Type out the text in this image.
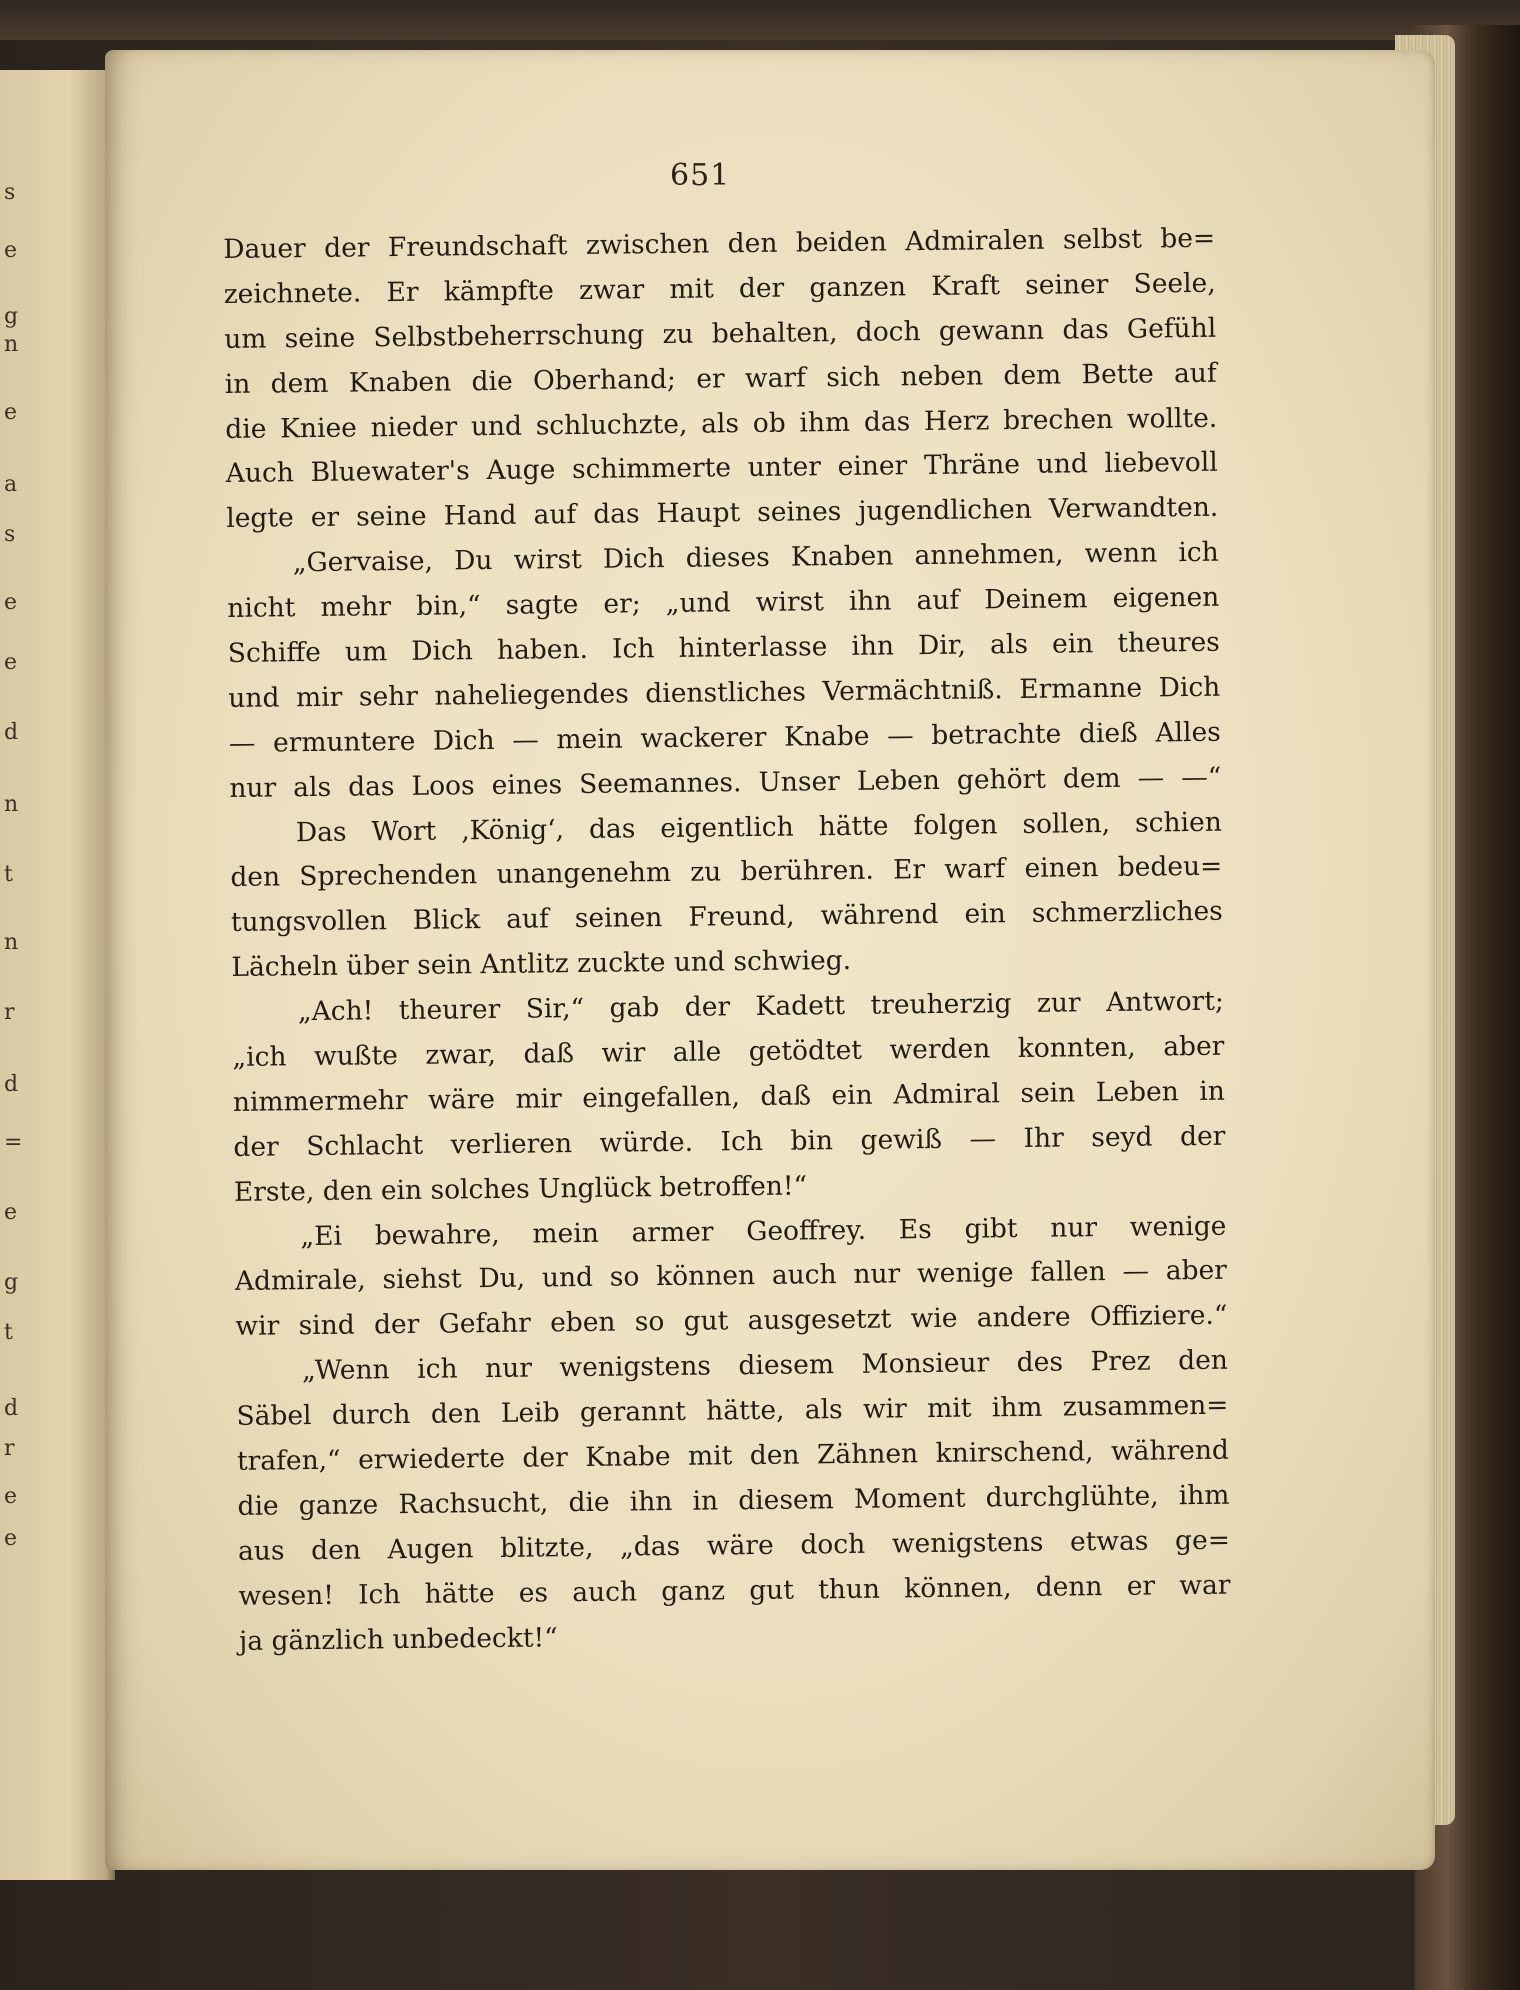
s
e
g
n
e
a
s
e
e
d
n
t
n
r
d
=
e
g
t
d
r
e
e
651
Dauer der Freundschaft zwischen den beiden Admiralen selbst be=
zeichnete. Er kämpfte zwar mit der ganzen Kraft seiner Seele,
um seine Selbstbeherrschung zu behalten, doch gewann das Gefühl
in dem Knaben die Oberhand; er warf sich neben dem Bette auf
die Kniee nieder und schluchzte, als ob ihm das Herz brechen wollte.
Auch Bluewater's Auge schimmerte unter einer Thräne und liebevoll
legte er seine Hand auf das Haupt seines jugendlichen Verwandten.
„Gervaise, Du wirst Dich dieses Knaben annehmen, wenn ich
nicht mehr bin,“ sagte er; „und wirst ihn auf Deinem eigenen
Schiffe um Dich haben. Ich hinterlasse ihn Dir, als ein theures
und mir sehr naheliegendes dienstliches Vermächtniß. Ermanne Dich
— ermuntere Dich — mein wackerer Knabe — betrachte dieß Alles
nur als das Loos eines Seemannes. Unser Leben gehört dem — —“
Das Wort ‚König‘, das eigentlich hätte folgen sollen, schien
den Sprechenden unangenehm zu berühren. Er warf einen bedeu=
tungsvollen Blick auf seinen Freund, während ein schmerzliches
Lächeln über sein Antlitz zuckte und schwieg.
„Ach! theurer Sir,“ gab der Kadett treuherzig zur Antwort;
„ich wußte zwar, daß wir alle getödtet werden konnten, aber
nimmermehr wäre mir eingefallen, daß ein Admiral sein Leben in
der Schlacht verlieren würde. Ich bin gewiß — Ihr seyd der
Erste, den ein solches Unglück betroffen!“
„Ei bewahre, mein armer Geoffrey. Es gibt nur wenige
Admirale, siehst Du, und so können auch nur wenige fallen — aber
wir sind der Gefahr eben so gut ausgesetzt wie andere Offiziere.“
„Wenn ich nur wenigstens diesem Monsieur des Prez den
Säbel durch den Leib gerannt hätte, als wir mit ihm zusammen=
trafen,“ erwiederte der Knabe mit den Zähnen knirschend, während
die ganze Rachsucht, die ihn in diesem Moment durchglühte, ihm
aus den Augen blitzte, „das wäre doch wenigstens etwas ge=
wesen! Ich hätte es auch ganz gut thun können, denn er war
ja gänzlich unbedeckt!“
